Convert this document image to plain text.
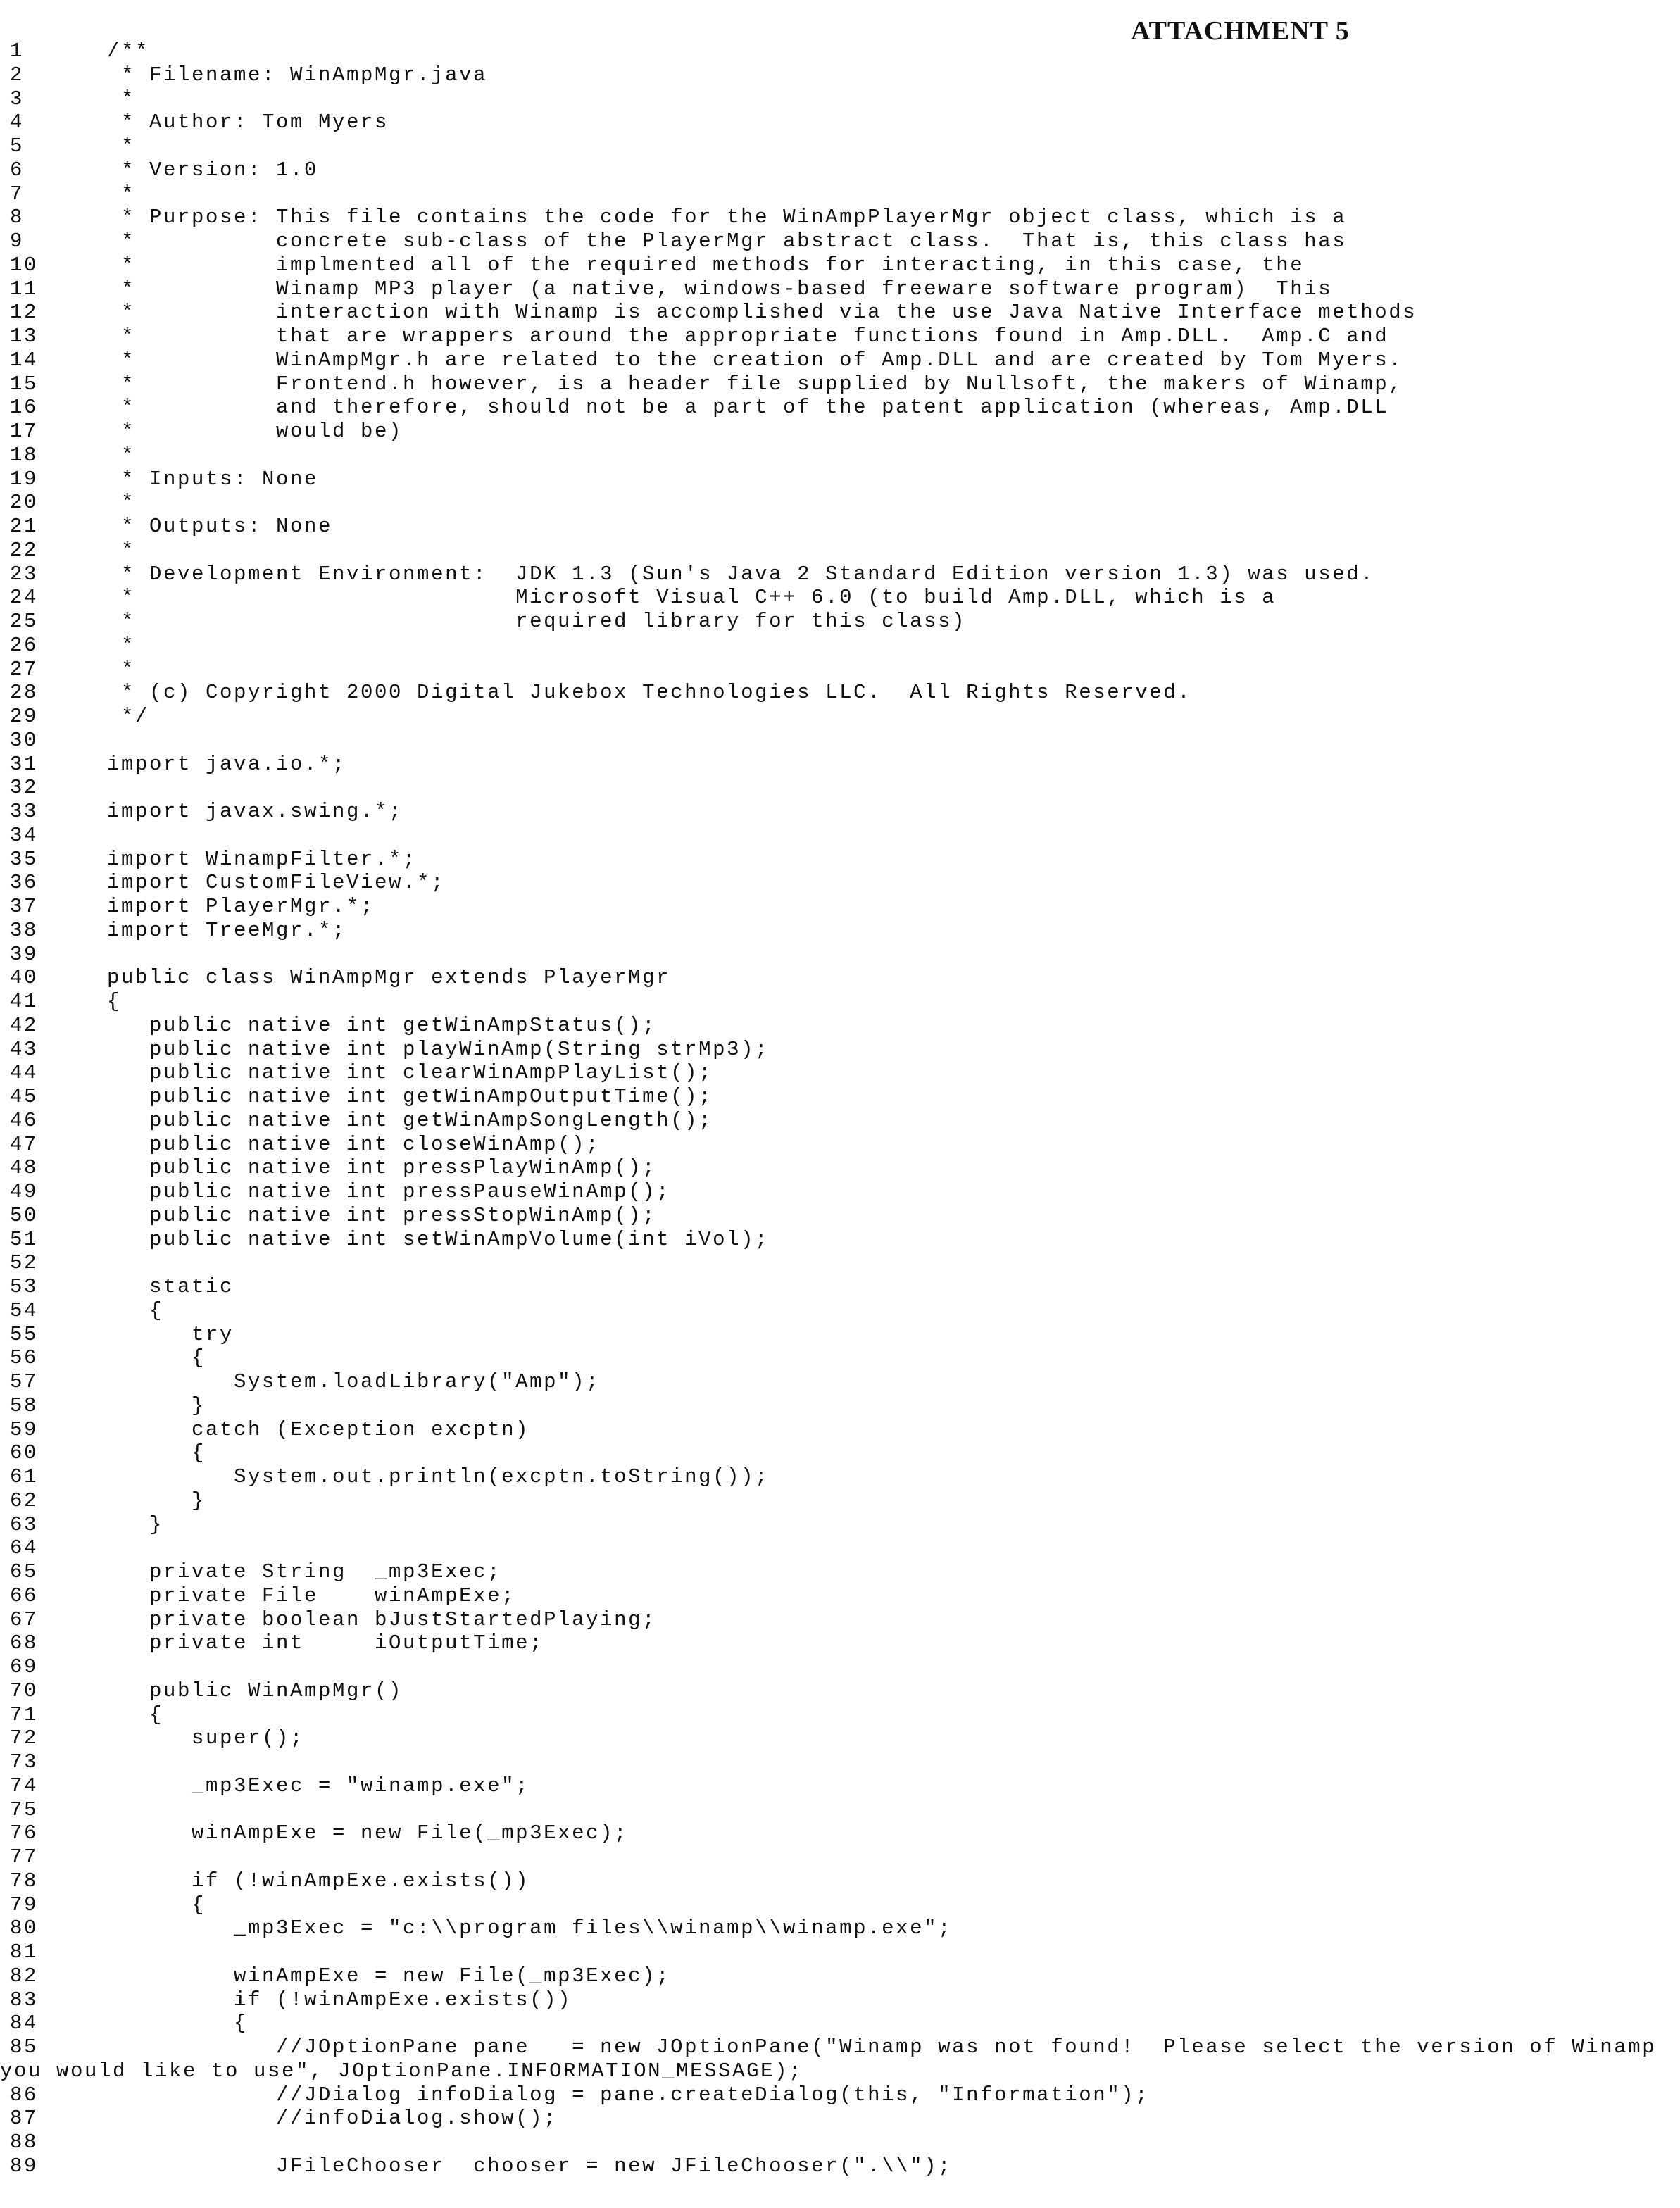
ATTACHMENT 5
1	/**
2	* Filename: WinAmpMgr.java
3	*
4	* Author: Tom Myers
5	*
6	* Version: 1.0
7	*
8	* Purpose: This file contains the code for the WinAmpPlayerMgr object class, which is a
9	*          concrete sub-class of the PlayerMgr abstract class.  That is, this class has
10	*          implmented all of the required methods for interacting, in this case, the
11	*          Winamp MP3 player (a native, windows-based freeware software program)  This
12	*          interaction with Winamp is accomplished via the use Java Native Interface methods
13	*          that are wrappers around the appropriate functions found in Amp.DLL.  Amp.C and
14	*          WinAmpMgr.h are related to the creation of Amp.DLL and are created by Tom Myers.
15	*          Frontend.h however, is a header file supplied by Nullsoft, the makers of Winamp,
16	*          and therefore, should not be a part of the patent application (whereas, Amp.DLL
17	*          would be)
18	*
19	* Inputs: None
20	*
21	* Outputs: None
22	*
23	* Development Environment:  JDK 1.3 (Sun's Java 2 Standard Edition version 1.3) was used.
24	*                           Microsoft Visual C++ 6.0 (to build Amp.DLL, which is a
25	*                           required library for this class)
26	*
27	*
28	* (c) Copyright 2000 Digital Jukebox Technologies LLC.  All Rights Reserved.
29	*/
30
31	import java.io.*;
32
33	import javax.swing.*;
34
35	import WinampFilter.*;
36	import CustomFileView.*;
37	import PlayerMgr.*;
38	import TreeMgr.*;
39
40	public class WinAmpMgr extends PlayerMgr
41	{
42	public native int getWinAmpStatus();
43	public native int playWinAmp(String strMp3);
44	public native int clearWinAmpPlayList();
45	public native int getWinAmpOutputTime();
46	public native int getWinAmpSongLength();
47	public native int closeWinAmp();
48	public native int pressPlayWinAmp();
49	public native int pressPauseWinAmp();
50	public native int pressStopWinAmp();
51	public native int setWinAmpVolume(int iVol);
52
53	static
54	{
55	try
56	{
57	System.loadLibrary("Amp");
58	}
59	catch (Exception excptn)
60	{
61	System.out.println(excptn.toString());
62	}
63	}
64
65	private String  _mp3Exec;
66	private File    winAmpExe;
67	private boolean bJustStartedPlaying;
68	private int     iOutputTime;
69
70	public WinAmpMgr()
71	{
72	super();
73
74	_mp3Exec = "winamp.exe";
75
76	winAmpExe = new File(_mp3Exec);
77
78	if (!winAmpExe.exists())
79	{
80	_mp3Exec = "c:\\program files\\winamp\\winamp.exe";
81
82	winAmpExe = new File(_mp3Exec);
83	if (!winAmpExe.exists())
84	{
85	//JOptionPane pane   = new JOptionPane("Winamp was not found!  Please select the version of Winamp
you would like to use", JOptionPane.INFORMATION_MESSAGE);
86	//JDialog infoDialog = pane.createDialog(this, "Information");
87	//infoDialog.show();
88
89	JFileChooser  chooser = new JFileChooser(".\\");
